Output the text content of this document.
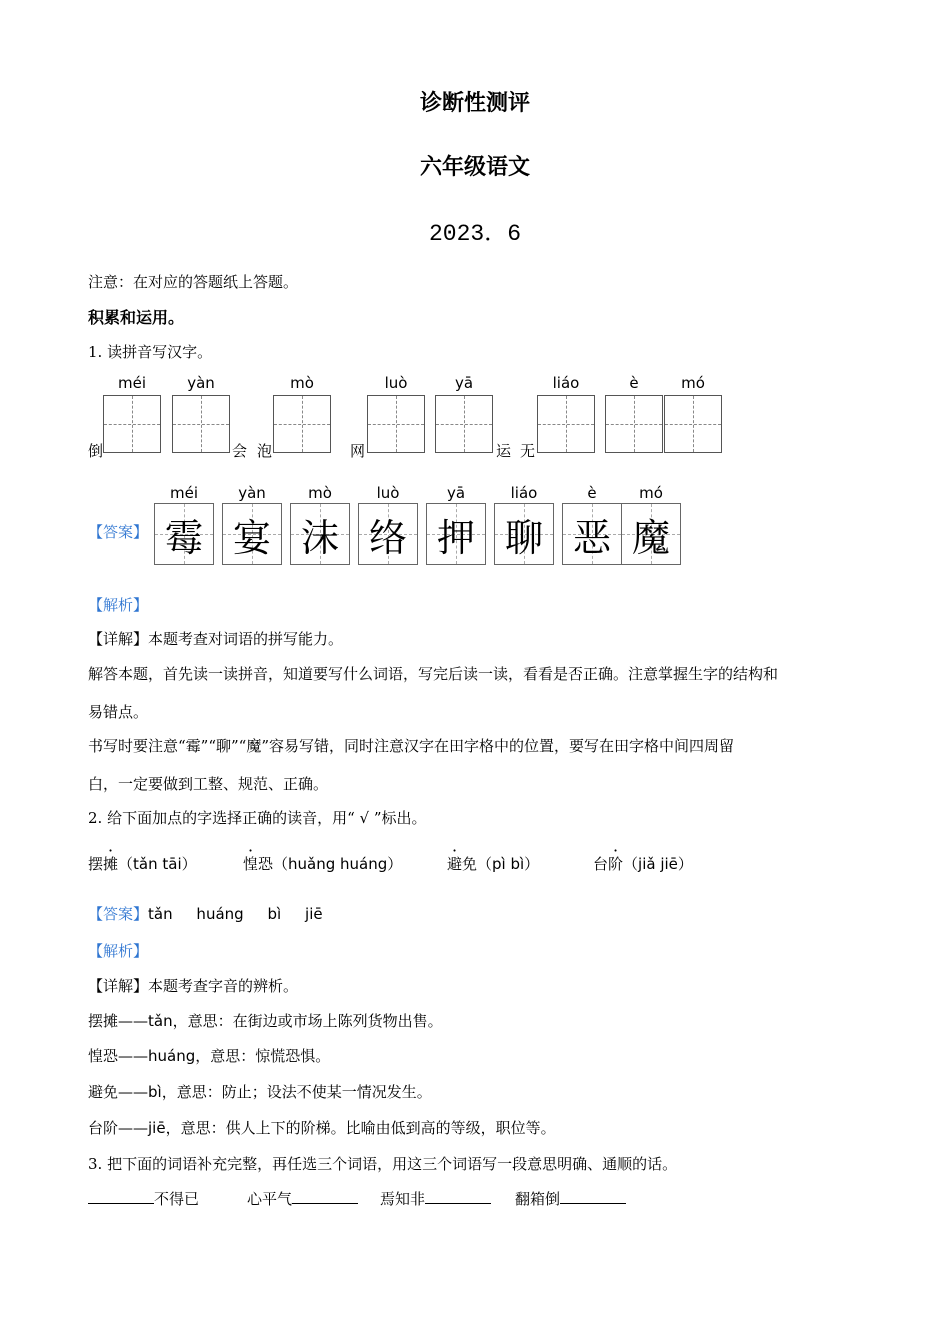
诊断性测评
六年级语文
2023．6
注意：在对应的答题纸上答题。
积累和运用。
1. 读拼音写汉字。
méi	yàn	mò	luò	yā	liáo	è	mó
倒	会 泡	网	运 无
【答案】
méi	yàn	mò	luò	yā	liáo	è	mó
霉 宴 沫 络 押 聊 恶 魔
【解析】
【详解】本题考查对词语的拼写能力。
解答本题，首先读一读拼音，知道要写什么词语，写完后读一读，看看是否正确。注意掌握生字的结构和
易错点。
书写时要注意“霉”“聊”“魔”容易写错，同时注意汉字在田字格中的位置，要写在田字格中间四周留
白，一定要做到工整、规范、正确。
2. 给下面加点的字选择正确的读音，用“ √ ”标出。
摆摊（tǎn tāi）	惶恐（huǎng huáng）	避免（pì bì）	台阶（jiǎ jiē）
【答案】tǎn     huáng     bì     jiē
【解析】
【详解】本题考查字音的辨析。
摆摊——tǎn，意思：在街边或市场上陈列货物出售。
惶恐——huáng，意思：惊慌恐惧。
避免——bì，意思：防止；设法不使某一情况发生。
台阶——jiē，意思：供人上下的阶梯。比喻由低到高的等级，职位等。
3. 把下面的词语补充完整，再任选三个词语，用这三个词语写一段意思明确、通顺的话。
不得已	心平气	焉知非	翻箱倒
